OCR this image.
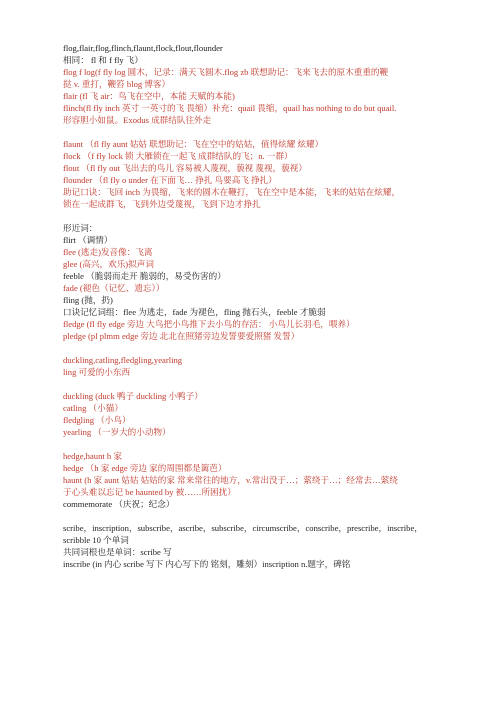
flog,flair,flog,flinch,flaunt,flock,flout,flounder
相同： fl 和 f fly 飞）
flog f log(f fly log 圆木，记录：满天飞圆木.flog zb 联想助记：飞来飞去的原木重重的鞭
挞 v. 重打，鞭笞 blog 博客）
flair (fl 飞 air：鸟飞在空中，本能 天赋的本能)
flinch(fl fly inch 英寸 一英寸的飞 畏缩）补充：quail 畏缩，quail has nothing to do but quail.
形容胆小如鼠。Exodus 成群结队往外走
flaunt （fl fly aunt 姑姑 联想助记：飞在空中的姑姑，值得炫耀 炫耀）
flock （f fly lock 锁 大雁锁在一起飞 成群结队的飞；n. 一群）
flout （fl fly out 飞出去的鸟儿 容易被人蔑视，藐视 蔑视，藐视）
flounder （fl fly o under 在下面飞… 挣扎 鸟要高飞 挣扎）
助记口诀：飞回 inch 为畏缩，飞来的圆木在鞭打，飞在空中是本能，飞来的姑姑在炫耀，
锁在一起成群飞，飞到外边受蔑视，飞到下边才挣扎
形近词：
flirt （调情）
flee (逃走)发音像：飞离
glee (高兴，欢乐)拟声词
feeble （脆弱而走开 脆弱的，易受伤害的）
fade (褪色（记忆、遗忘））
fling (抛，扔)
口诀记忆词组：flee 为逃走，fade 为褪色，fling 抛石头，feeble 才脆弱
fledge (fl fly edge 旁边 大鸟把小鸟推下去小鸟的存活： 小鸟儿长羽毛，喂养）
pledge (pl plmm edge 旁边 北北在照猪旁边发誓要爱照猪 发誓）
duckling,catling,fledgling,yearling
ling 可爱的小东西
duckling (duck 鸭子 duckling 小鸭子）
catling （小猫）
fledgling （小鸟）
yearling （一岁大的小动物）
hedge,haunt h 家
hedge （h 家 edge 旁边 家的周围都是篱芭）
haunt (h 家 aunt 姑姑 姑姑的家 常来常往的地方，v.常出没于…；萦绕于…；经常去…萦绕
于心头难以忘记 be haunted by 被……所困扰）
commemorate （庆祝；纪念）
scribe，inscription，subscribe，ascribe，subscribe，circumscribe，conscribe，prescribe，inscribe，
scribble 10 个单词
共同词根也是单词：scribe 写
inscribe (in 内心 scribe 写下 内心写下的 铭刻，雕刻）inscription n.题字，碑铭
